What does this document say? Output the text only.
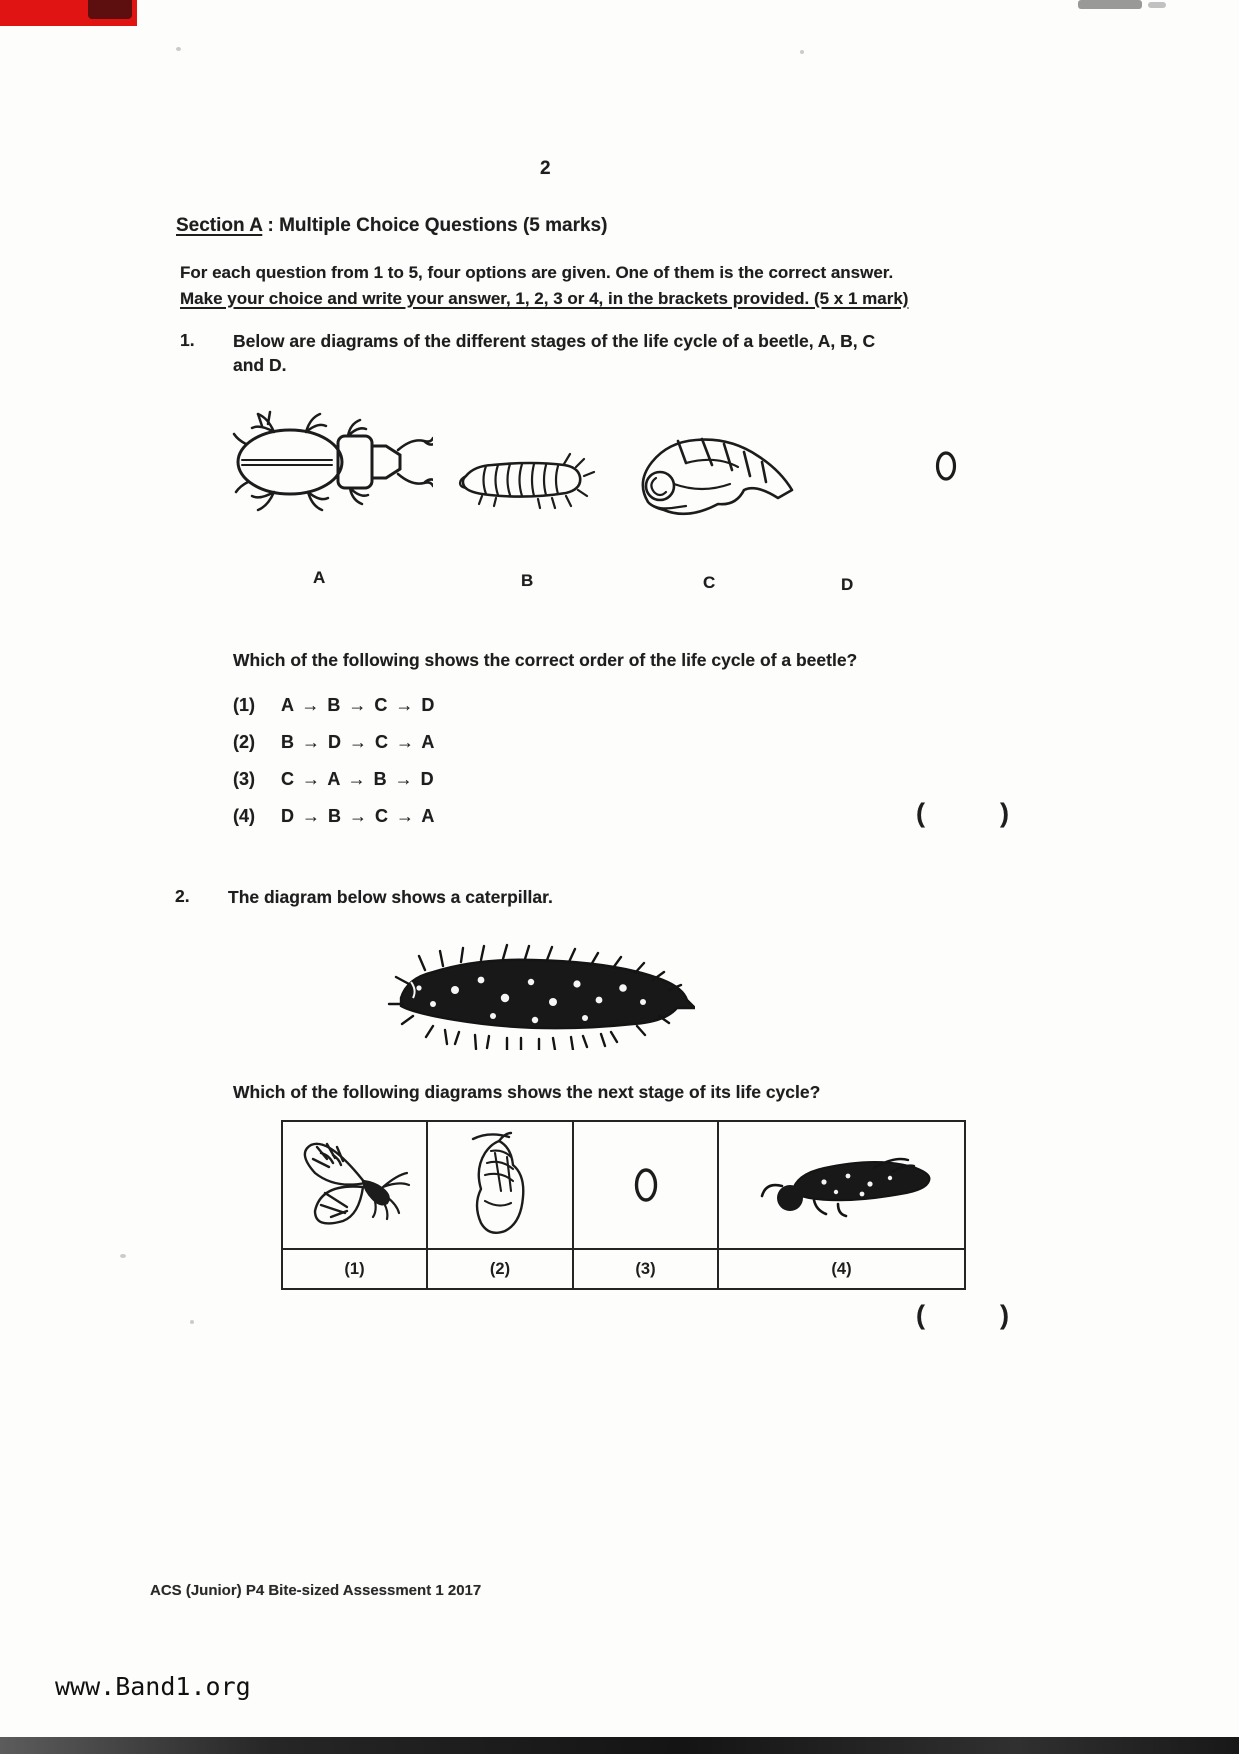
2
Section A : Multiple Choice Questions (5 marks)
For each question from 1 to 5, four options are given. One of them is the correct answer.
Make your choice and write your answer, 1, 2, 3 or 4, in the brackets provided. (5 x 1 mark)
1. Below are diagrams of the different stages of the life cycle of a beetle, A, B, C and D.
A	B	C	D
Which of the following shows the correct order of the life cycle of a beetle?
(1) A → B → C → D
(2) B → D → C → A
(3) C → A → B → D
(4) D → B → C → A	(	)
2. The diagram below shows a caterpillar.
Which of the following diagrams shows the next stage of its life cycle?
(1)	(2)	(3)	(4)
(	)
ACS (Junior) P4 Bite-sized Assessment 1 2017
www.Band1.org
